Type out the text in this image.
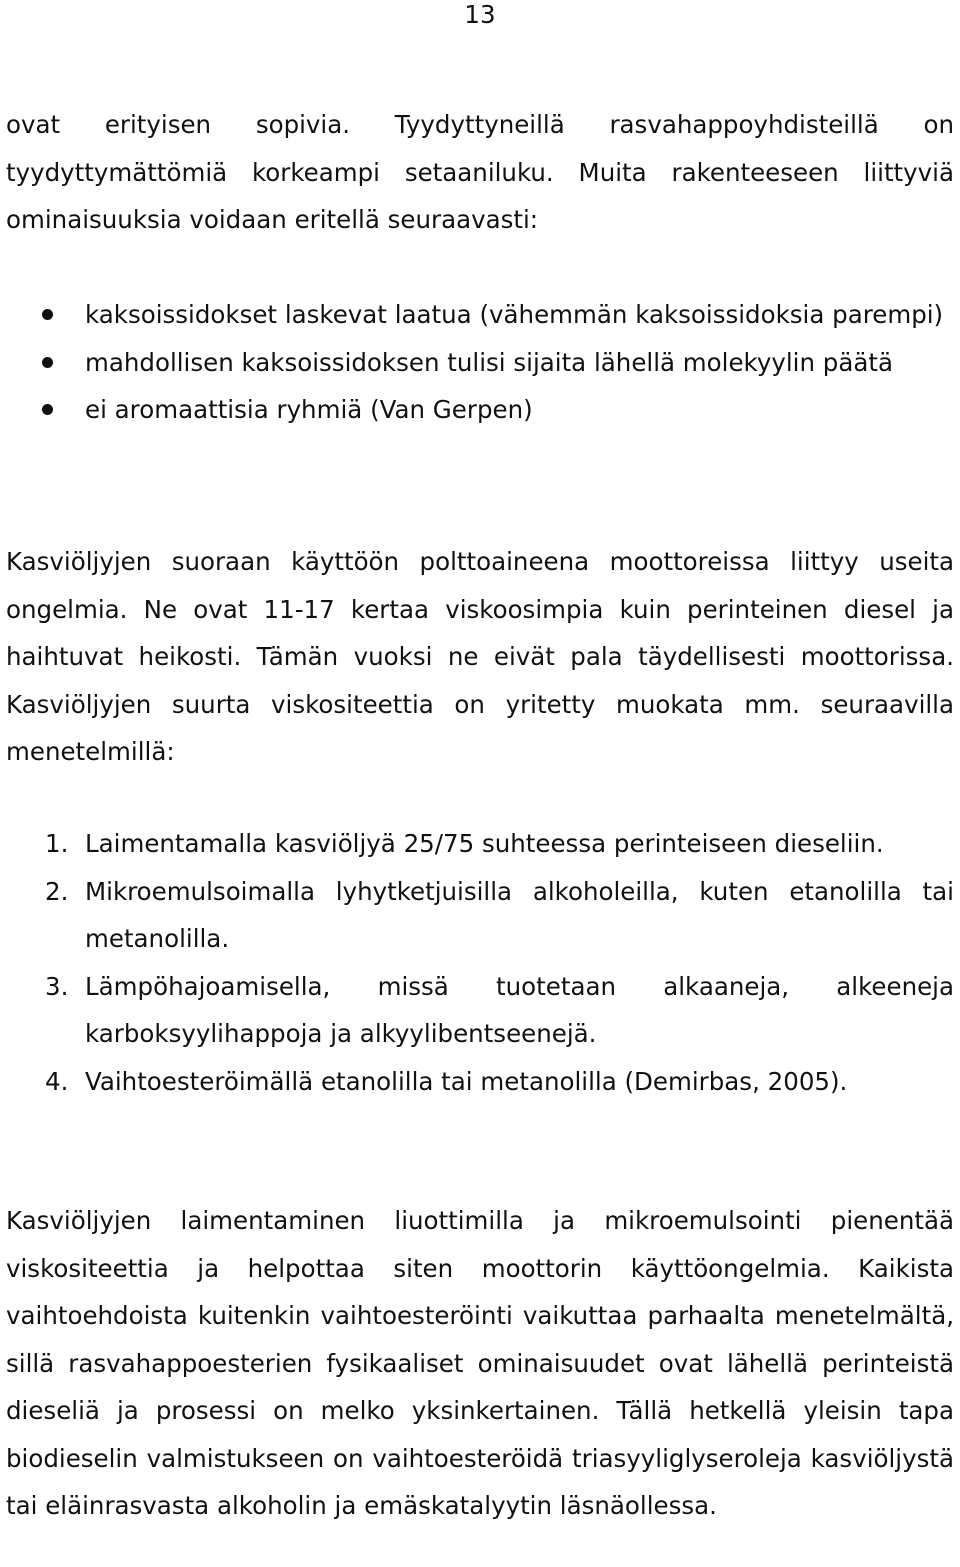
13

ovat erityisen sopivia. Tyydyttyneillä rasvahappoyhdisteillä on tyydyttymättömiä korkeampi setaaniluku. Muita rakenteeseen liittyviä ominaisuuksia voidaan eritellä seuraavasti:

kaksoissidokset laskevat laatua (vähemmän kaksoissidoksia parempi)
mahdollisen kaksoissidoksen tulisi sijaita lähellä molekyylin päätä
ei aromaattisia ryhmiä (Van Gerpen)

Kasviöljyjen suoraan käyttöön polttoaineena moottoreissa liittyy useita ongelmia. Ne ovat 11-17 kertaa viskoosimpia kuin perinteinen diesel ja haihtuvat heikosti. Tämän vuoksi ne eivät pala täydellisesti moottorissa. Kasviöljyjen suurta viskositeettia on yritetty muokata mm. seuraavilla menetelmillä:

1. Laimentamalla kasviöljyä 25/75 suhteessa perinteiseen dieseliin.
2. Mikroemulsoimalla lyhytketjuisilla alkoholeilla, kuten etanolilla tai metanolilla.
3. Lämpöhajoamisella, missä tuotetaan alkaaneja, alkeeneja karboksyylihappoja ja alkyylibentseenejä.
4. Vaihtoesteröimällä etanolilla tai metanolilla (Demirbas, 2005).

Kasviöljyjen laimentaminen liuottimilla ja mikroemulsointi pienentää viskositeettia ja helpottaa siten moottorin käyttöongelmia. Kaikista vaihtoehdoista kuitenkin vaihtoesteröinti vaikuttaa parhaalta menetelmältä, sillä rasvahappoesterien fysikaaliset ominaisuudet ovat lähellä perinteistä dieseliä ja prosessi on melko yksinkertainen. Tällä hetkellä yleisin tapa biodieselin valmistukseen on vaihtoesteröidä triasyyliglyseroleja kasviöljystä tai eläinrasvasta alkoholin ja emäskatalyytin läsnäollessa.
